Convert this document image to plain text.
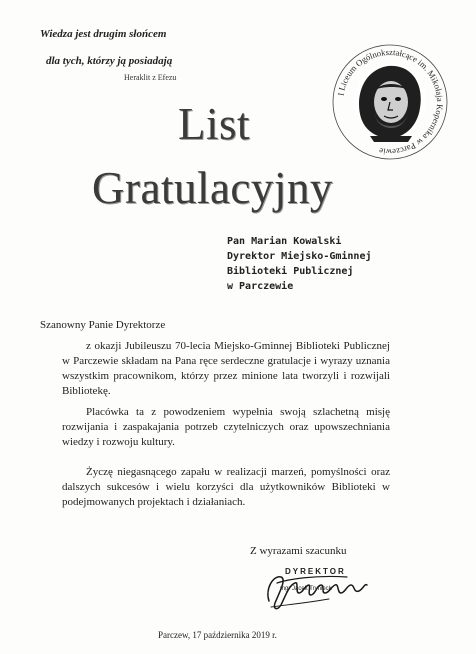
Wiedza jest drugim słońcem
dla tych, którzy ją posiadają
Heraklit z Efezu
I Liceum Ogólnokształcące im. Mikołaja Kopernika w Parczewie
List
Gratulacyjny
Pan Marian Kowalski
Dyrektor Miejsko-Gminnej
Biblioteki Publicznej
w Parczewie
Szanowny Panie Dyrektorze
z okazji Jubileuszu 70-lecia Miejsko-Gminnej Biblioteki Publicznej w Parczewie składam na Pana ręce serdeczne gratulacje i wyrazy uznania wszystkim pracownikom, którzy przez minione lata tworzyli i rozwijali Bibliotekę.
Placówka ta z powodzeniem wypełnia swoją szlachetną misję rozwijania i zaspakajania potrzeb czytelniczych oraz upowszechniania wiedzy i rozwoju kultury.
Życzę niegasnącego zapału w realizacji marzeń, pomyślności oraz dalszych sukcesów i wielu korzyści dla użytkowników Biblioteki w podejmowanych projektach i działaniach.
Z wyrazami szacunku
DYREKTOR
mgr Jacek Trynieck
Parczew, 17 października 2019 r.
